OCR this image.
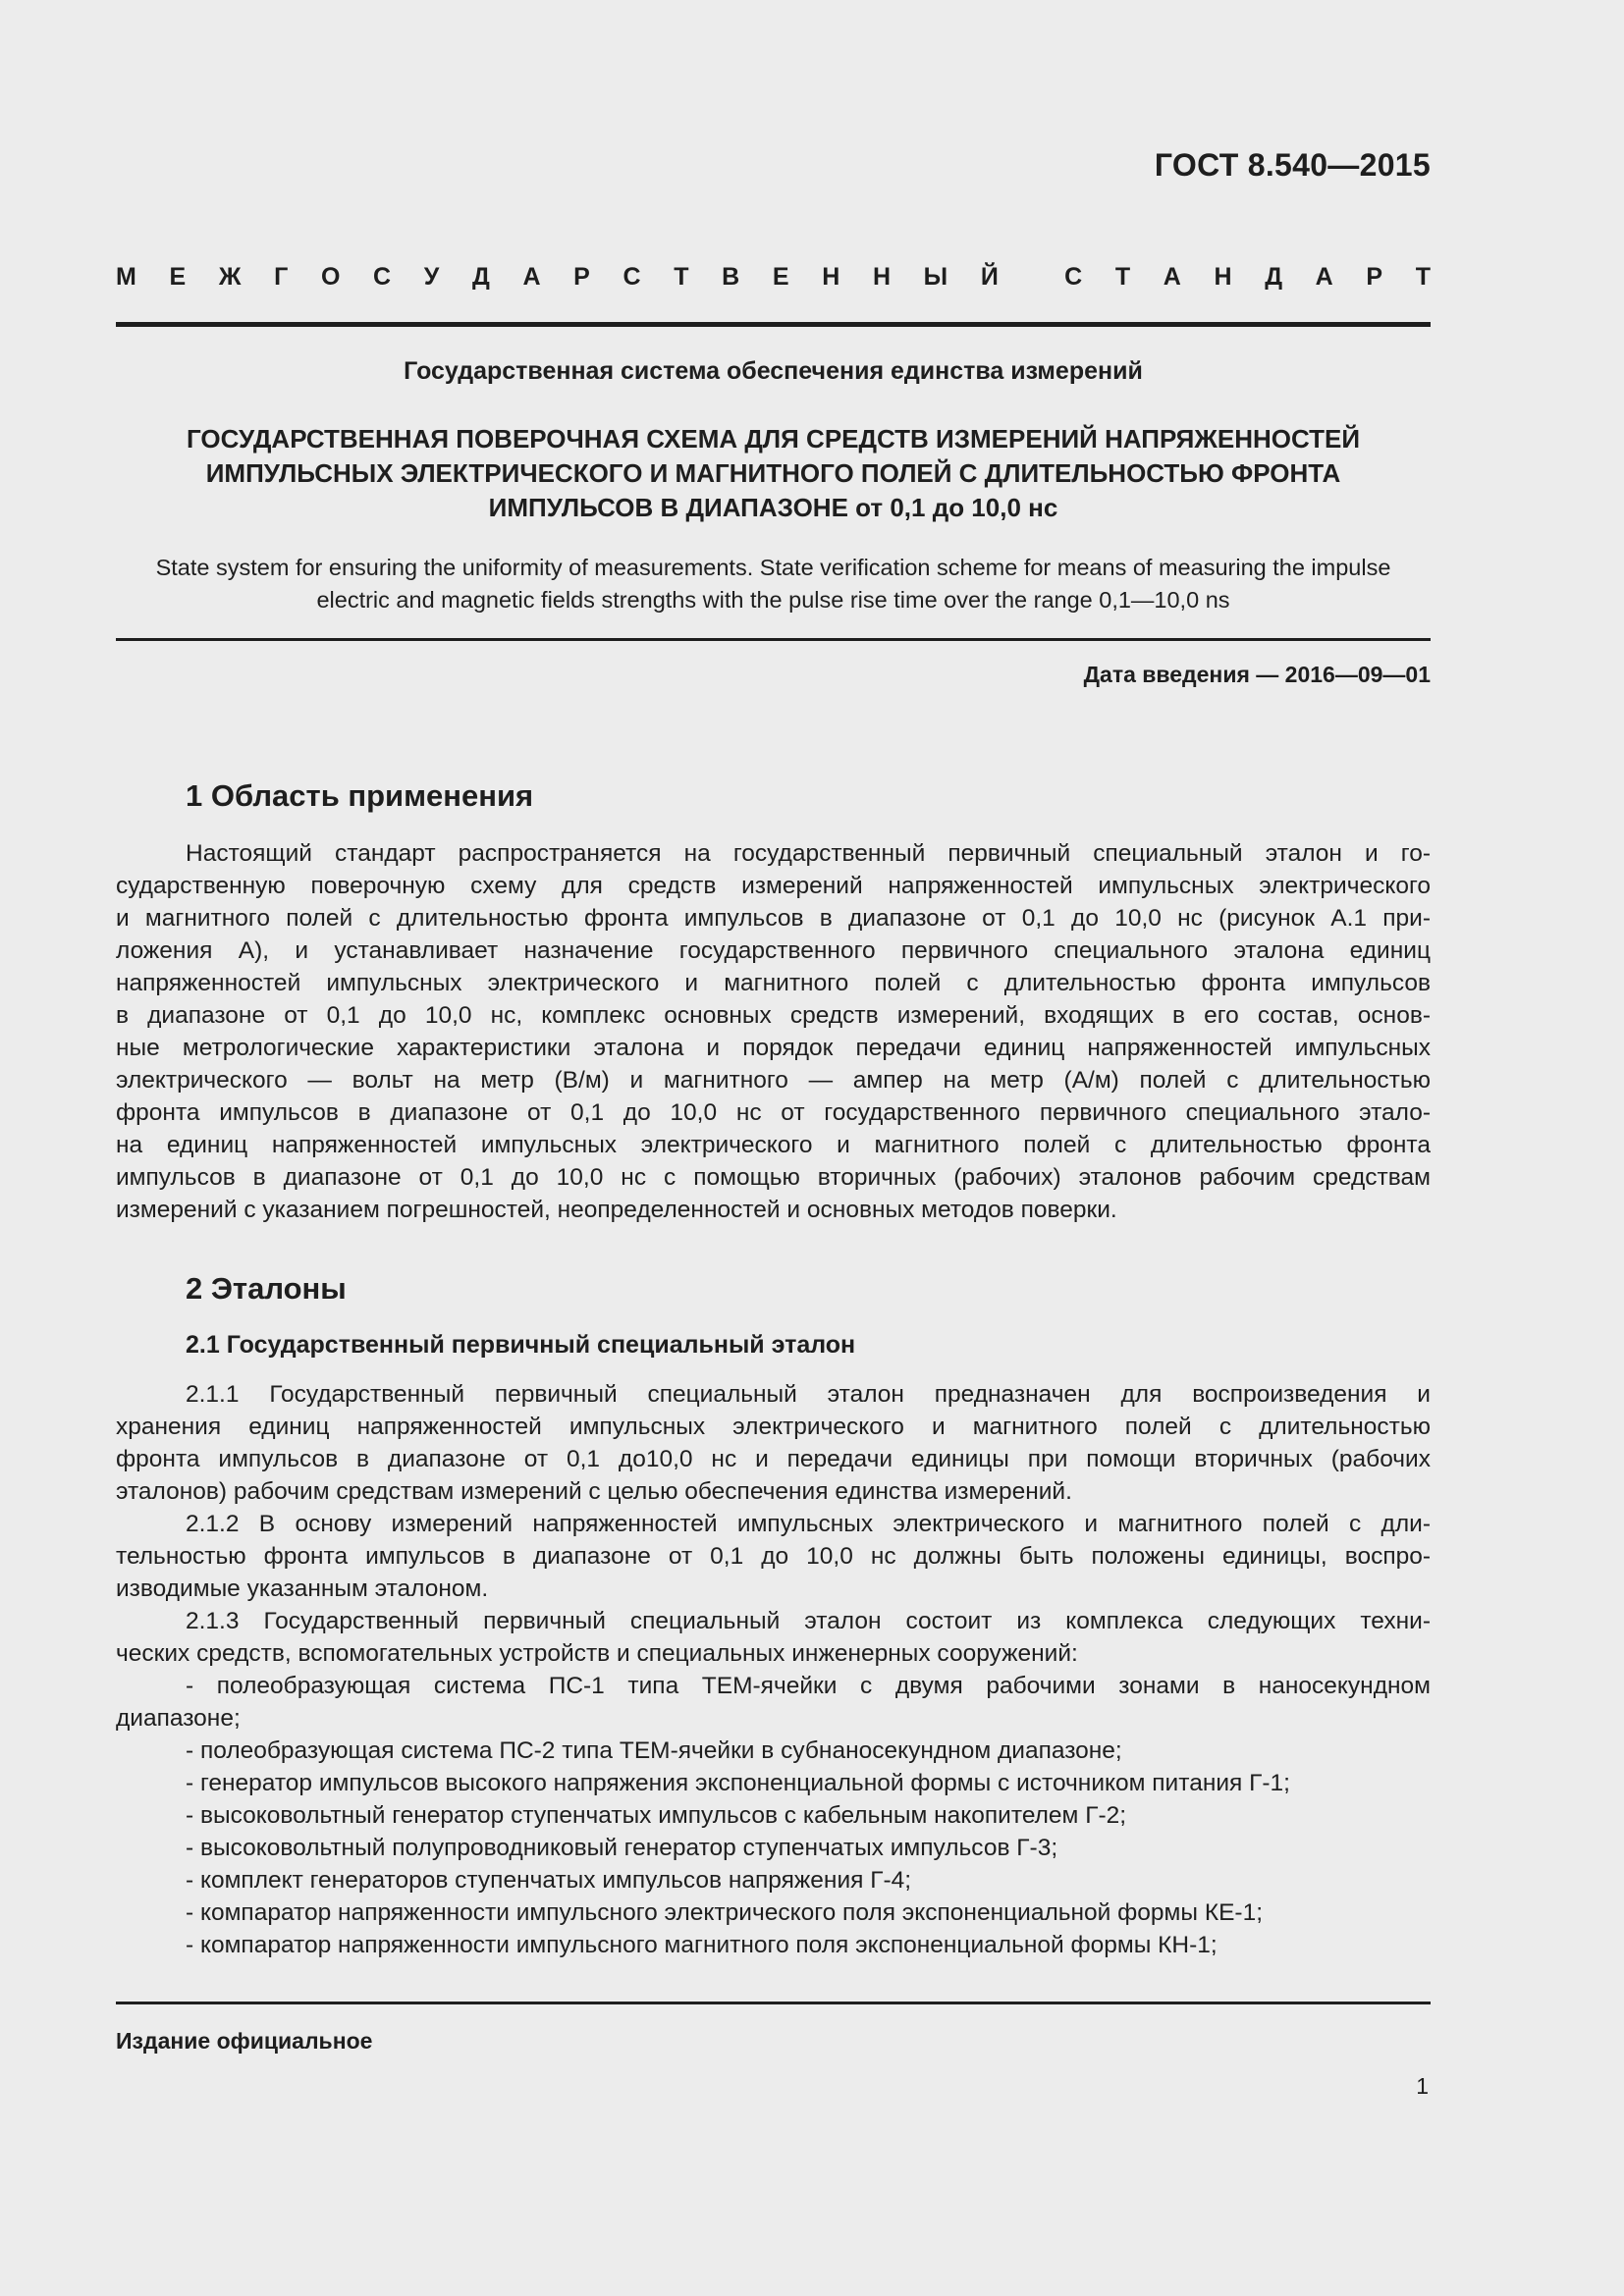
ГОСТ 8.540—2015
М Е Ж Г О С У Д А Р С Т В Е Н Н Ы Й	С Т А Н Д А Р Т
Государственная система обеспечения единства измерений
ГОСУДАРСТВЕННАЯ ПОВЕРОЧНАЯ СХЕМА ДЛЯ СРЕДСТВ ИЗМЕРЕНИЙ НАПРЯЖЕННОСТЕЙ
ИМПУЛЬСНЫХ ЭЛЕКТРИЧЕСКОГО И МАГНИТНОГО ПОЛЕЙ С ДЛИТЕЛЬНОСТЬЮ ФРОНТА
ИМПУЛЬСОВ В ДИАПАЗОНЕ от 0,1 до 10,0 нс
State system for ensuring the uniformity of measurements. State verification scheme for means of measuring the impulse
electric and magnetic fields strengths with the pulse rise time over the range 0,1—10,0 ns
Дата введения — 2016—09—01
1 Область применения
Настоящий стандарт распространяется на государственный первичный специальный эталон и го-
сударственную поверочную схему для средств измерений напряженностей импульсных электрического
и магнитного полей с длительностью фронта импульсов в диапазоне от 0,1 до 10,0 нс (рисунок А.1 при-
ложения А), и устанавливает назначение государственного первичного специального эталона единиц
напряженностей импульсных электрического и магнитного полей с длительностью фронта импульсов
в диапазоне от 0,1 до 10,0 нс, комплекс основных средств измерений, входящих в его состав, основ-
ные метрологические характеристики эталона и порядок передачи единиц напряженностей импульсных
электрического — вольт на метр (В/м) и магнитного — ампер на метр (А/м) полей с длительностью
фронта импульсов в диапазоне от 0,1 до 10,0 нс от государственного первичного специального этало-
на единиц напряженностей импульсных электрического и магнитного полей с длительностью фронта
импульсов в диапазоне от 0,1 до 10,0 нс с помощью вторичных (рабочих) эталонов рабочим средствам
измерений с указанием погрешностей, неопределенностей и основных методов поверки.
2 Эталоны
2.1 Государственный первичный специальный эталон
2.1.1 Государственный первичный специальный эталон предназначен для воспроизведения и
хранения единиц напряженностей импульсных электрического и магнитного полей с длительностью
фронта импульсов в диапазоне от 0,1 до10,0 нс и передачи единицы при помощи вторичных (рабочих
эталонов) рабочим средствам измерений с целью обеспечения единства измерений.
2.1.2 В основу измерений напряженностей импульсных электрического и магнитного полей с дли-
тельностью фронта импульсов в диапазоне от 0,1 до 10,0 нс должны быть положены единицы, воспро-
изводимые указанным эталоном.
2.1.3 Государственный первичный специальный эталон состоит из комплекса следующих техни-
ческих средств, вспомогательных устройств и специальных инженерных сооружений:
- полеобразующая система ПС-1 типа ТЕМ-ячейки с двумя рабочими зонами в наносекундном
диапазоне;
- полеобразующая система ПС-2 типа ТЕМ-ячейки в субнаносекундном диапазоне;
- генератор импульсов высокого напряжения экспоненциальной формы с источником питания Г-1;
- высоковольтный генератор ступенчатых импульсов с кабельным накопителем Г-2;
- высоковольтный полупроводниковый генератор ступенчатых импульсов Г-3;
- комплект генераторов ступенчатых импульсов напряжения Г-4;
- компаратор напряженности импульсного электрического поля экспоненциальной формы КЕ-1;
- компаратор напряженности импульсного магнитного поля экспоненциальной формы КН-1;
Издание официальное
1
